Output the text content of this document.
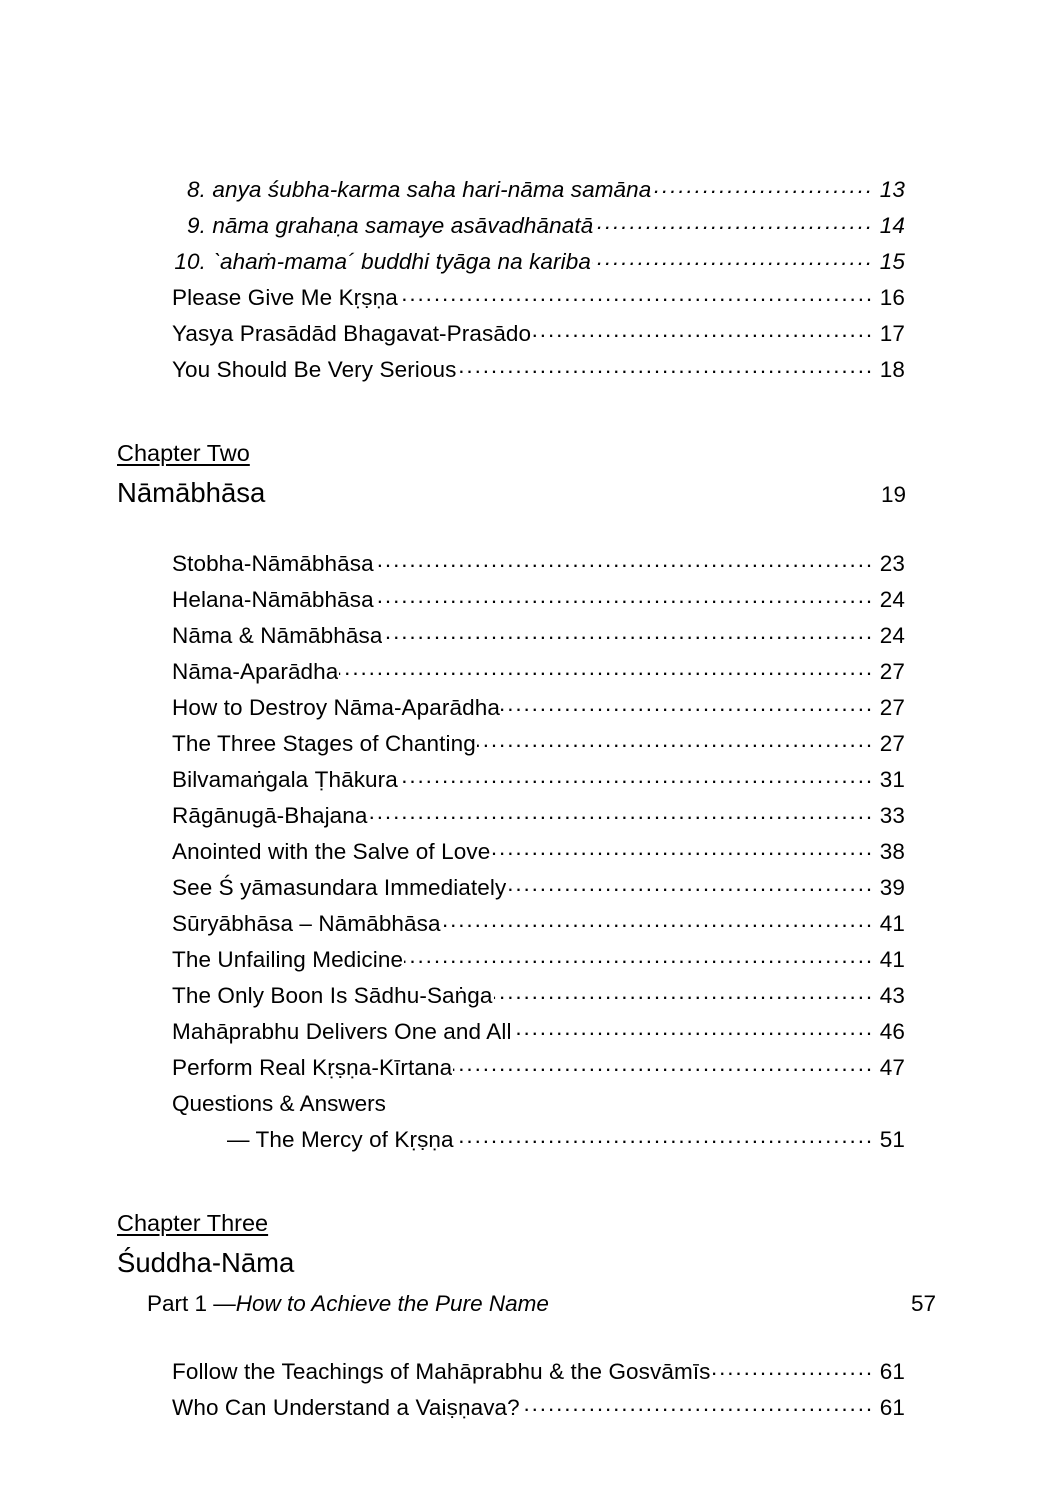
8. anya śubha-karma saha hari-nāma samāna .....	13
9. nāma grahaṇa samaye asāvadhānatā .....	14
10. ˋahaṁ-mama´ buddhi tyāga na kariba .....	15
Please Give Me Kṛṣṇa .....	16
Yasya Prasādād Bhagavat-Prasādo .....	17
You Should Be Very Serious .....	18
Chapter Two
Nāmābhāsa	19
Stobha-Nāmābhāsa .....	23
Helana-Nāmābhāsa .....	24
Nāma & Nāmābhāsa .....	24
Nāma-Aparādha .....	27
How to Destroy Nāma-Aparādha .....	27
The Three Stages of Chanting .....	27
Bilvamaṅgala Ṭhākura .....	31
Rāgānugā-Bhajana .....	33
Anointed with the Salve of Love .....	38
See Ś yāmasundara Immediately .....	39
Sūryābhāsa – Nāmābhāsa .....	41
The Unfailing Medicine .....	41
The Only Boon Is Sādhu-Saṅga .....	43
Mahāprabhu Delivers One and All .....	46
Perform Real Kṛṣṇa-Kīrtana .....	47
Questions & Answers
— The Mercy of Kṛṣṇa .....	51
Chapter Three
Śuddha-Nāma
Part 1 — How to Achieve the Pure Name	57
Follow the Teachings of Mahāprabhu & the Gosvāmīs .....	61
Who Can Understand a Vaiṣṇava? .....	61
